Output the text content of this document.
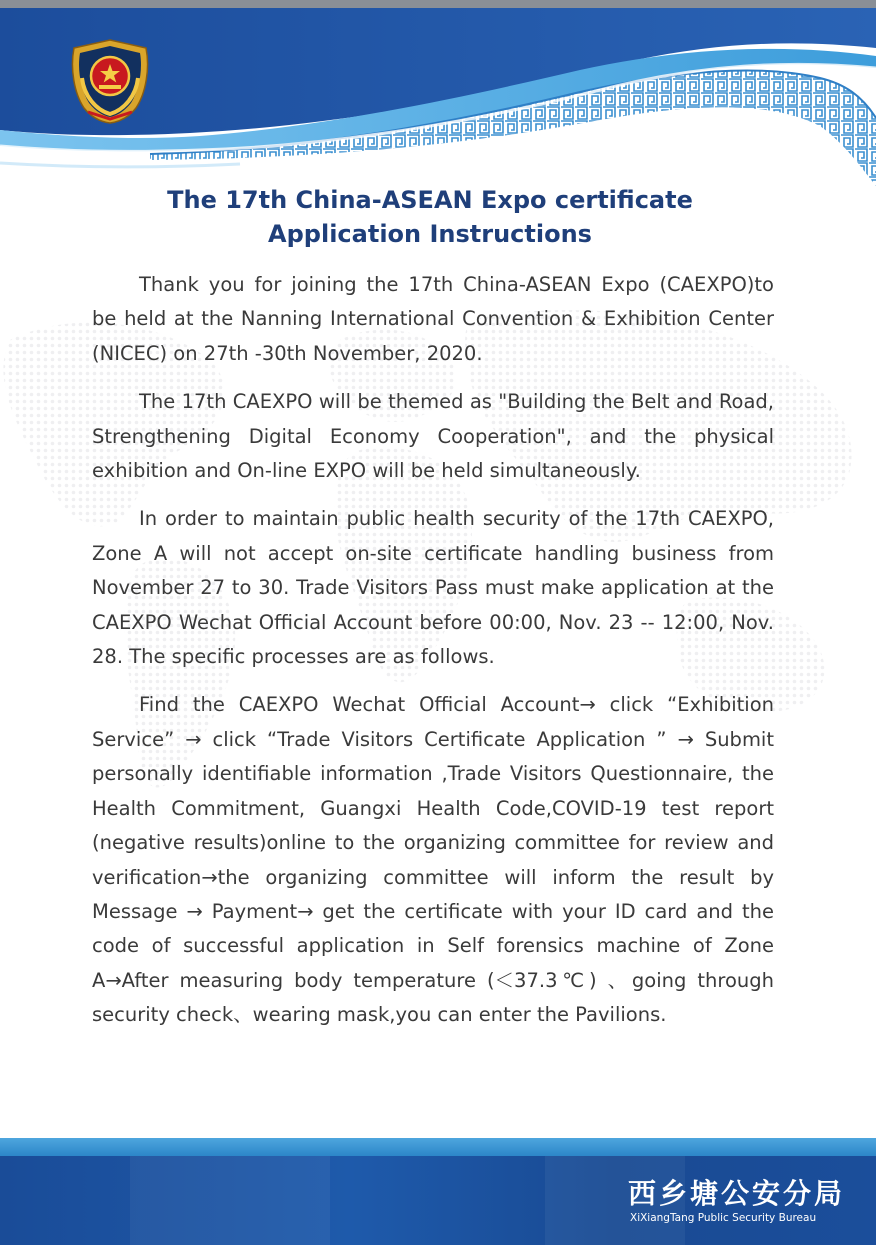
The 17th China-ASEAN Expo certificate
Application Instructions

Thank you for joining the 17th China-ASEAN Expo (CAEXPO)to be held at the Nanning International Convention & Exhibition Center (NICEC) on 27th -30th November, 2020.

The 17th CAEXPO will be themed as "Building the Belt and Road, Strengthening Digital Economy Cooperation", and the physical exhibition and On-line EXPO will be held simultaneously.

In order to maintain public health security of the 17th CAEXPO, Zone A will not accept on-site certificate handling business from November 27 to 30. Trade Visitors Pass must make application at the CAEXPO Wechat Official Account before 00:00, Nov. 23 -- 12:00, Nov. 28. The specific processes are as follows.

Find the CAEXPO Wechat Official Account→ click “Exhibition Service” → click “Trade Visitors Certificate Application ” → Submit personally identifiable information ,Trade Visitors Questionnaire, the Health Commitment, Guangxi Health Code,COVID-19 test report (negative results)online to the organizing committee for review and verification→the organizing committee will inform the result by Message → Payment→ get the certificate with your ID card and the code of successful application in Self forensics machine of Zone A→After measuring body temperature (＜37.3℃) 、going through security check、wearing mask,you can enter the Pavilions.

西乡塘公安分局
XiXiangTang Public Security Bureau
